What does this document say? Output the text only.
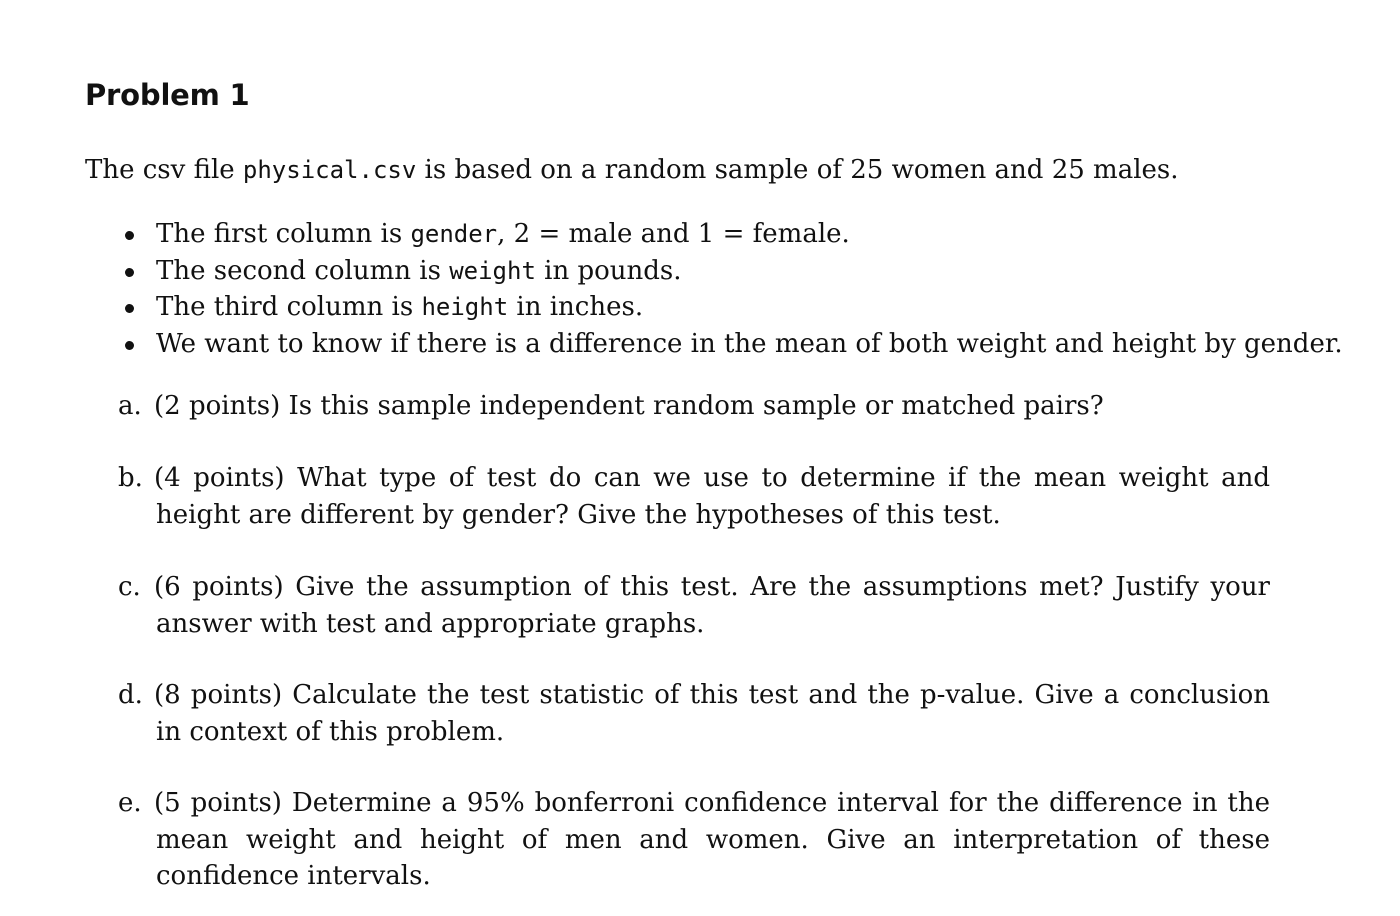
Problem 1

The csv file physical.csv is based on a random sample of 25 women and 25 males.

The first column is gender, 2 = male and 1 = female.
The second column is weight in pounds.
The third column is height in inches.
We want to know if there is a difference in the mean of both weight and height by gender.
a. (2 points) Is this sample independent random sample or matched pairs?
b. (4 points) What type of test do can we use to determine if the mean weight and height are different by gender? Give the hypotheses of this test.
c. (6 points) Give the assumption of this test. Are the assumptions met? Justify your answer with test and appropriate graphs.
d. (8 points) Calculate the test statistic of this test and the p-value. Give a conclusion in context of this problem.
e. (5 points) Determine a 95% bonferroni confidence interval for the difference in the mean weight and height of men and women. Give an interpretation of these confidence intervals.
